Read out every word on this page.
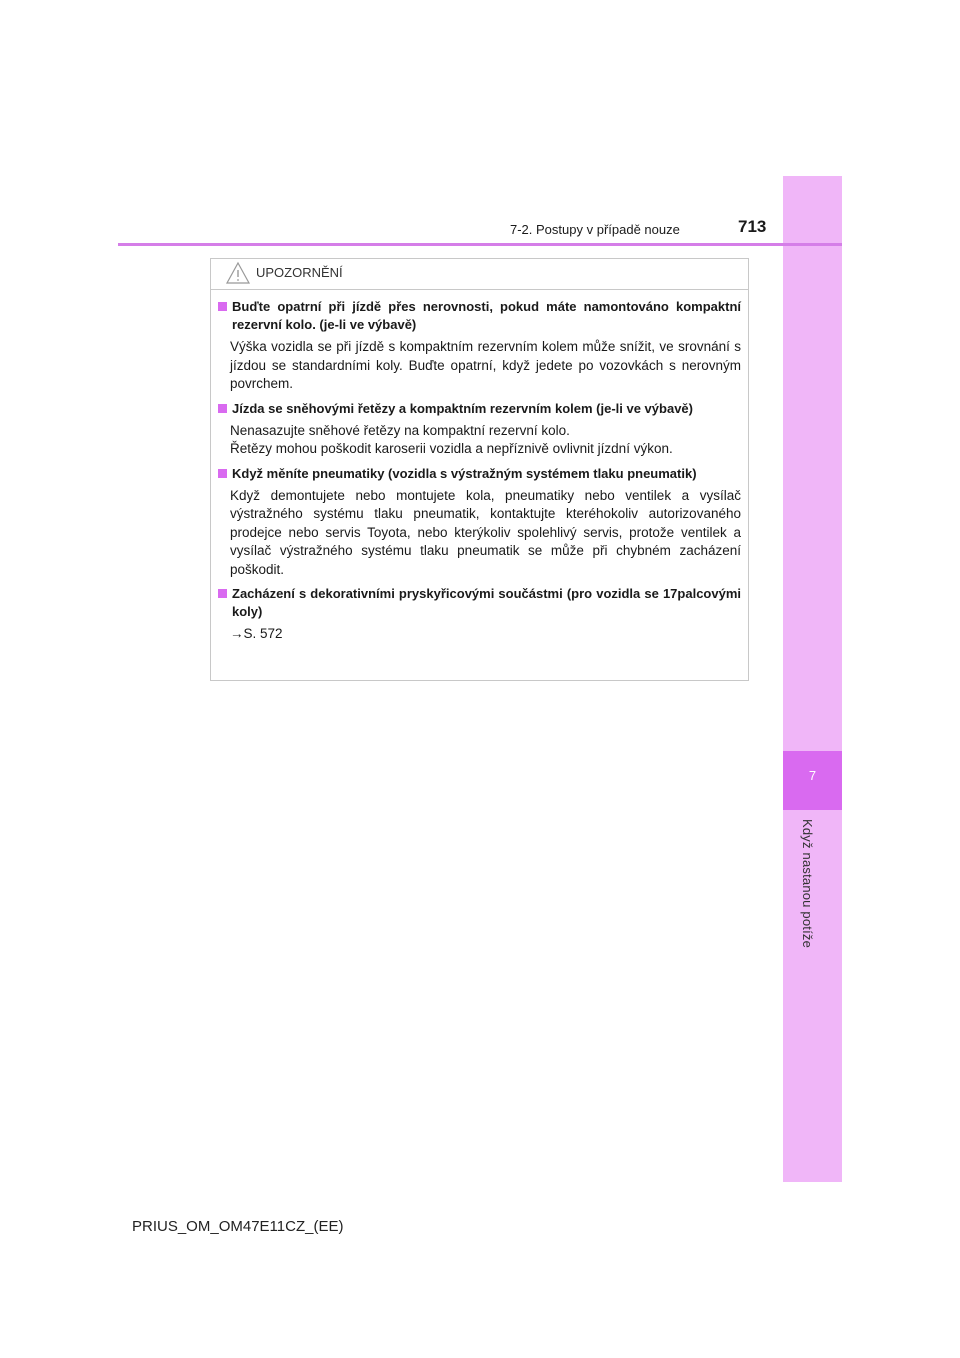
7
Když nastanou potíže
7-2. Postupy v případě nouze	713
UPOZORNĚNÍ
Buďte opatrní při jízdě přes nerovnosti, pokud máte namontováno kompaktní rezervní kolo. (je-li ve výbavě)

Výška vozidla se při jízdě s kompaktním rezervním kolem může snížit, ve srovnání s jízdou se standardními koly. Buďte opatrní, když jedete po vozovkách s nerovným povrchem.

Jízda se sněhovými řetězy a kompaktním rezervním kolem (je-li ve výbavě)

Nenasazujte sněhové řetězy na kompaktní rezervní kolo.

Řetězy mohou poškodit karoserii vozidla a nepříznivě ovlivnit jízdní výkon.

Když měníte pneumatiky (vozidla s výstražným systémem tlaku pneumatik)

Když demontujete nebo montujete kola, pneumatiky nebo ventilek a vysílač výstražného systému tlaku pneumatik, kontaktujte kteréhokoliv autorizovaného prodejce nebo servis Toyota, nebo kterýkoliv spolehlivý servis, protože ventilek a vysílač výstražného systému tlaku pneumatik se může při chybném zacházení poškodit.

Zacházení s dekorativními pryskyřicovými součástmi (pro vozidla se 17palcovými koly)

→S. 572

PRIUS_OM_OM47E11CZ_(EE)
